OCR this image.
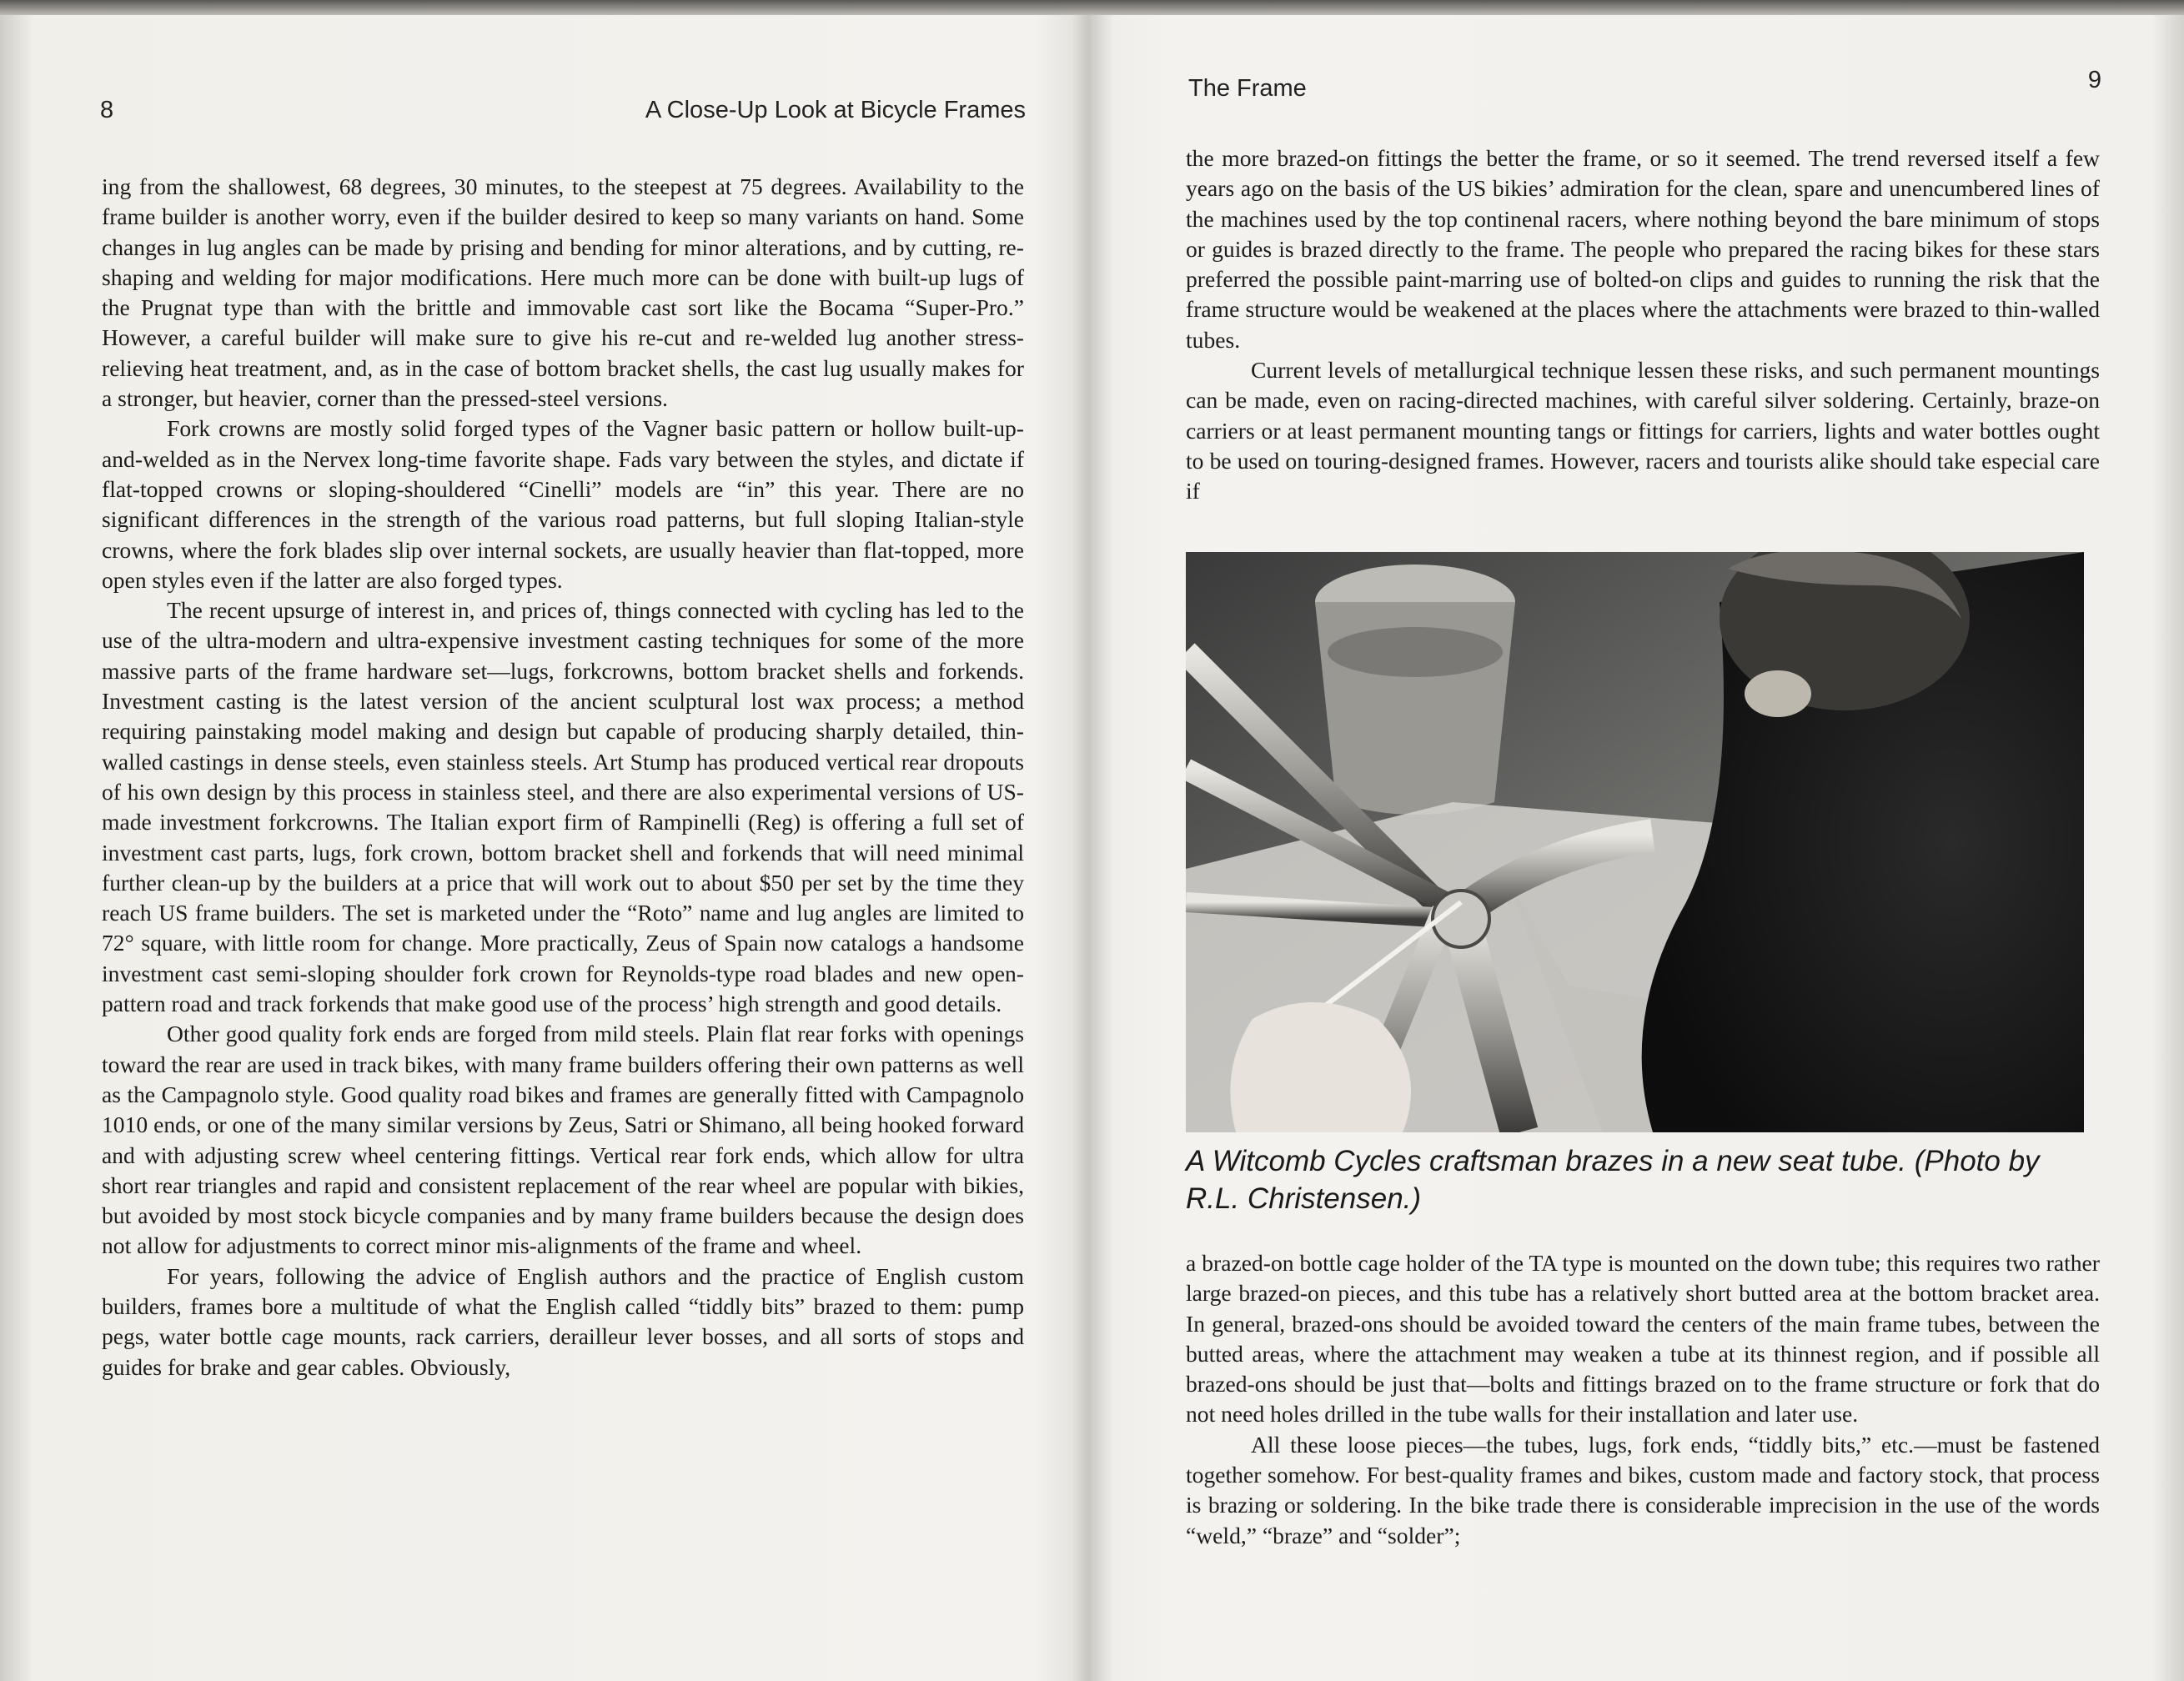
8	A Close-Up Look at Bicycle Frames

ing from the shallowest, 68 degrees, 30 minutes, to the steepest at 75 degrees. Availability to the frame builder is another worry, even if the builder desired to keep so many variants on hand. Some changes in lug angles can be made by prising and bending for minor alterations, and by cutting, re-shaping and welding for major modifications. Here much more can be done with built-up lugs of the Prugnat type than with the brittle and immovable cast sort like the Bocama “Super-Pro.” However, a careful builder will make sure to give his re-cut and re-welded lug another stress-relieving heat treatment, and, as in the case of bottom bracket shells, the cast lug usually makes for a stronger, but heavier, corner than the pressed-steel versions.

Fork crowns are mostly solid forged types of the Vagner basic pattern or hollow built-up-and-welded as in the Nervex long-time favorite shape. Fads vary between the styles, and dictate if flat-topped crowns or sloping-shouldered “Cinelli” models are “in” this year. There are no significant differences in the strength of the various road patterns, but full sloping Italian-style crowns, where the fork blades slip over internal sockets, are usually heavier than flat-topped, more open styles even if the latter are also forged types.

The recent upsurge of interest in, and prices of, things connected with cycling has led to the use of the ultra-modern and ultra-expensive investment casting techniques for some of the more massive parts of the frame hardware set—lugs, forkcrowns, bottom bracket shells and forkends. Investment casting is the latest version of the ancient sculptural lost wax process; a method requiring painstaking model making and design but capable of producing sharply detailed, thin-walled castings in dense steels, even stainless steels. Art Stump has produced vertical rear dropouts of his own design by this process in stainless steel, and there are also experimental versions of US-made investment forkcrowns. The Italian export firm of Rampinelli (Reg) is offering a full set of investment cast parts, lugs, fork crown, bottom bracket shell and forkends that will need minimal further clean-up by the builders at a price that will work out to about $50 per set by the time they reach US frame builders. The set is marketed under the “Roto” name and lug angles are limited to 72° square, with little room for change. More practically, Zeus of Spain now catalogs a handsome investment cast semi-sloping shoulder fork crown for Reynolds-type road blades and new open-pattern road and track forkends that make good use of the process’ high strength and good details.

Other good quality fork ends are forged from mild steels. Plain flat rear forks with openings toward the rear are used in track bikes, with many frame builders offering their own patterns as well as the Campagnolo style. Good quality road bikes and frames are generally fitted with Campagnolo 1010 ends, or one of the many similar versions by Zeus, Satri or Shimano, all being hooked forward and with adjusting screw wheel centering fittings. Vertical rear fork ends, which allow for ultra short rear triangles and rapid and consistent replacement of the rear wheel are popular with bikies, but avoided by most stock bicycle companies and by many frame builders because the design does not allow for adjustments to correct minor mis-alignments of the frame and wheel.

For years, following the advice of English authors and the practice of English custom builders, frames bore a multitude of what the English called “tiddly bits” brazed to them: pump pegs, water bottle cage mounts, rack carriers, derailleur lever bosses, and all sorts of stops and guides for brake and gear cables. Obviously,

The Frame	9

the more brazed-on fittings the better the frame, or so it seemed. The trend reversed itself a few years ago on the basis of the US bikies’ admiration for the clean, spare and unencumbered lines of the machines used by the top continenal racers, where nothing beyond the bare minimum of stops or guides is brazed directly to the frame. The people who prepared the racing bikes for these stars preferred the possible paint-marring use of bolted-on clips and guides to running the risk that the frame structure would be weakened at the places where the attachments were brazed to thin-walled tubes.

Current levels of metallurgical technique lessen these risks, and such permanent mountings can be made, even on racing-directed machines, with careful silver soldering. Certainly, braze-on carriers or at least permanent mounting tangs or fittings for carriers, lights and water bottles ought to be used on touring-designed frames. However, racers and tourists alike should take especial care if

a brazed-on bottle cage holder of the TA type is mounted on the down tube; this requires two rather large brazed-on pieces, and this tube has a relatively short butted area at the bottom bracket area. In general, brazed-ons should be avoided toward the centers of the main frame tubes, between the butted areas, where the attachment may weaken a tube at its thinnest region, and if possible all brazed-ons should be just that—bolts and fittings brazed on to the frame structure or fork that do not need holes drilled in the tube walls for their installation and later use.

All these loose pieces—the tubes, lugs, fork ends, “tiddly bits,” etc.—must be fastened together somehow. For best-quality frames and bikes, custom made and factory stock, that process is brazing or soldering. In the bike trade there is considerable imprecision in the use of the words “weld,” “braze” and “solder”;

A Witcomb Cycles craftsman brazes in a new seat tube. (Photo by R.L. Christensen.)
